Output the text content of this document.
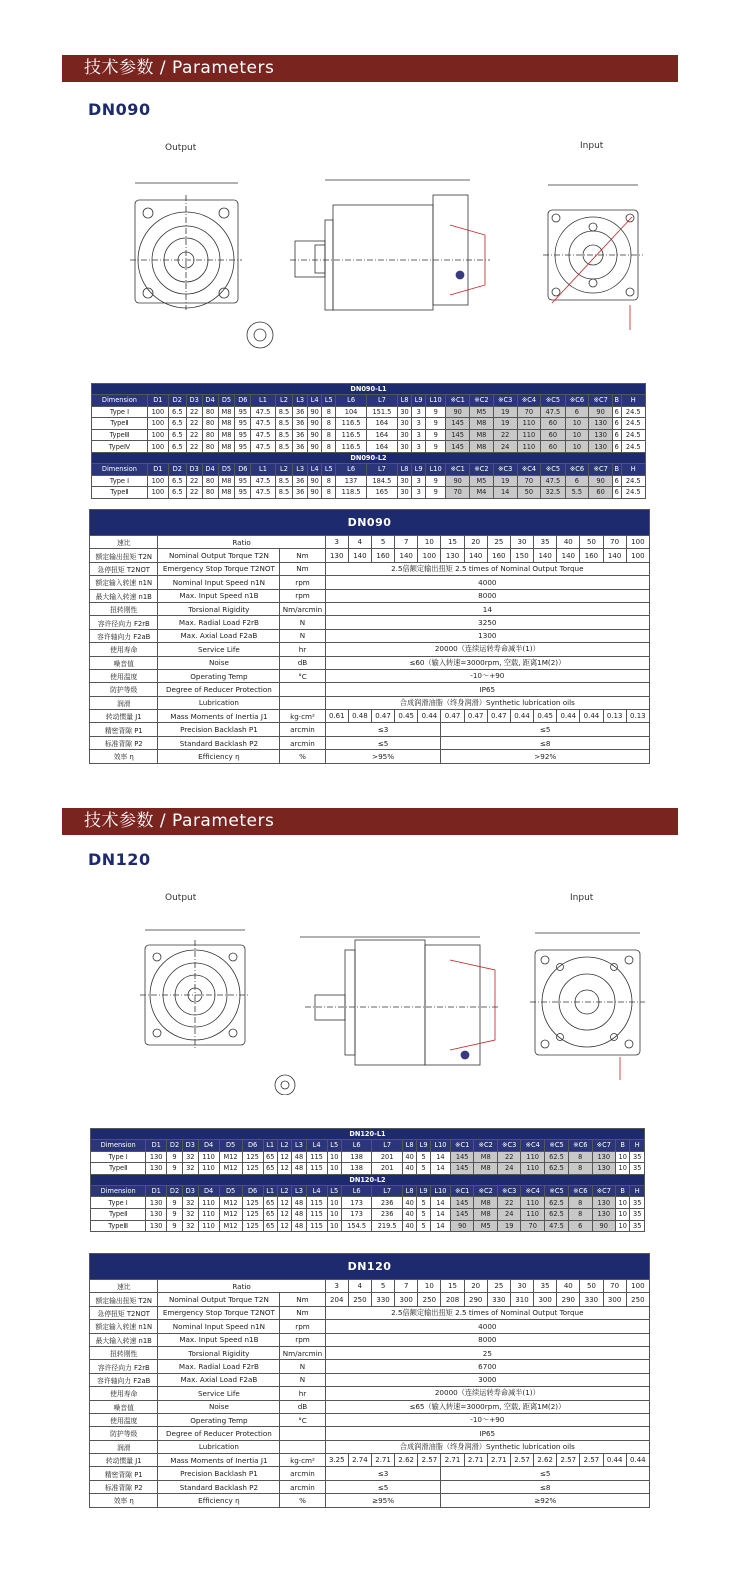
技术参数 / Parameters
DN090
Output	Input
DN090-L1																									
Dimension	D1	D2	D3	D4	D5	D6	L1	L2	L3	L4	L5	L6	L7	L8	L9	L10	※C1	※C2	※C3	※C4	※C5	※C6	※C7	B	H
Type Ⅰ	100	6.5	22	80	M8	95	47.5	8.5	36	90	8	104	151.5	30	3	9	90	M5	19	70	47.5	6	90	6	24.5
TypeⅡ	100	6.5	22	80	M8	95	47.5	8.5	36	90	8	116.5	164	30	3	9	145	M8	19	110	60	10	130	6	24.5
TypeⅢ	100	6.5	22	80	M8	95	47.5	8.5	36	90	8	116.5	164	30	3	9	145	M8	22	110	60	10	130	6	24.5
TypeⅣ	100	6.5	22	80	M8	95	47.5	8.5	36	90	8	116.5	164	30	3	9	145	M8	24	110	60	10	130	6	24.5
DN090-L2																									
Dimension	D1	D2	D3	D4	D5	D6	L1	L2	L3	L4	L5	L6	L7	L8	L9	L10	※C1	※C2	※C3	※C4	※C5	※C6	※C7	B	H
Type Ⅰ	100	6.5	22	80	M8	95	47.5	8.5	36	90	8	137	184.5	30	3	9	90	M5	19	70	47.5	6	90	6	24.5
TypeⅡ	100	6.5	22	80	M8	95	47.5	8.5	36	90	8	118.5	165	30	3	9	70	M4	14	50	32.5	5.5	60	6	24.5
DN090																
速比	Ratio		3	4	5	7	10	15	20	25	30	35	40	50	70	100
额定输出扭矩 T2N	Nominal Output Torque T2N	Nm	130	140	160	140	100	130	140	160	150	140	140	160	140	100
急停扭矩 T2NOT	Emergency Stop Torque T2NOT	Nm	2.5倍额定输出扭矩 2.5 times of Nominal Output Torque													
额定输入转速 n1N	Nominal Input Speed n1N	rpm	4000													
最大输入转速 n1B	Max. Input Speed n1B	rpm	8000													
扭转刚性	Torsional Rigidity	Nm/arcmin	14													
容许径向力 F2rB	Max. Radial Load F2rB	N	3250													
容许轴向力 F2aB	Max. Axial Load F2aB	N	1300													
使用寿命	Service Life	hr	20000（连续运转寿命减半(1)）													
噪音值	Noise	dB	≤60（输入转速=3000rpm, 空载, 距离1M(2)）													
使用温度	Operating Temp	°C	-10～+90													
防护等级	Degree of Reducer Protection		IP65													
润滑	Lubrication		合成润滑油脂（终身润滑）Synthetic lubrication oils													
转动惯量 J1	Mass Moments of Inertia J1	kg·cm²	0.61	0.48	0.47	0.45	0.44	0.47	0.47	0.47	0.44	0.45	0.44	0.44	0.13	0.13
精密背隙 P1	Precision Backlash P1	arcmin	≤3					≤5								
标准背隙 P2	Standard Backlash P2	arcmin	≤5					≤8								
效率 η	Efficiency η	%	>95%					>92%								
技术参数 / Parameters
DN120
Output	Input
DN120-L1																									
Dimension	D1	D2	D3	D4	D5	D6	L1	L2	L3	L4	L5	L6	L7	L8	L9	L10	※C1	※C2	※C3	※C4	※C5	※C6	※C7	B	H
Type Ⅰ	130	9	32	110	M12	125	65	12	48	115	10	138	201	40	5	14	145	M8	22	110	62.5	8	130	10	35
TypeⅡ	130	9	32	110	M12	125	65	12	48	115	10	138	201	40	5	14	145	M8	24	110	62.5	8	130	10	35
DN120-L2																									
Dimension	D1	D2	D3	D4	D5	D6	L1	L2	L3	L4	L5	L6	L7	L8	L9	L10	※C1	※C2	※C3	※C4	※C5	※C6	※C7	B	H
Type Ⅰ	130	9	32	110	M12	125	65	12	48	115	10	173	236	40	5	14	145	M8	22	110	62.5	8	130	10	35
TypeⅡ	130	9	32	110	M12	125	65	12	48	115	10	173	236	40	5	14	145	M8	24	110	62.5	8	130	10	35
TypeⅢ	130	9	32	110	M12	125	65	12	48	115	10	154.5	219.5	40	5	14	90	M5	19	70	47.5	6	90	10	35
DN120																
速比	Ratio		3	4	5	7	10	15	20	25	30	35	40	50	70	100
额定输出扭矩 T2N	Nominal Output Torque T2N	Nm	204	250	330	300	250	208	290	330	310	300	290	330	300	250
急停扭矩 T2NOT	Emergency Stop Torque T2NOT	Nm	2.5倍额定输出扭矩 2.5 times of Nominal Output Torque													
额定输入转速 n1N	Nominal Input Speed n1N	rpm	4000													
最大输入转速 n1B	Max. Input Speed n1B	rpm	8000													
扭转刚性	Torsional Rigidity	Nm/arcmin	25													
容许径向力 F2rB	Max. Radial Load F2rB	N	6700													
容许轴向力 F2aB	Max. Axial Load F2aB	N	3000													
使用寿命	Service Life	hr	20000（连续运转寿命减半(1)）													
噪音值	Noise	dB	≤65（输入转速=3000rpm, 空载, 距离1M(2)）													
使用温度	Operating Temp	°C	-10～+90													
防护等级	Degree of Reducer Protection		IP65													
润滑	Lubrication		合成润滑油脂（终身润滑）Synthetic lubrication oils													
转动惯量 J1	Mass Moments of Inertia J1	kg·cm²	3.25	2.74	2.71	2.62	2.57	2.71	2.71	2.71	2.57	2.62	2.57	2.57	0.44	0.44
精密背隙 P1	Precision Backlash P1	arcmin	≤3					≤5								
标准背隙 P2	Standard Backlash P2	arcmin	≤5					≤8								
效率 η	Efficiency η	%	≥95%					≥92%								
